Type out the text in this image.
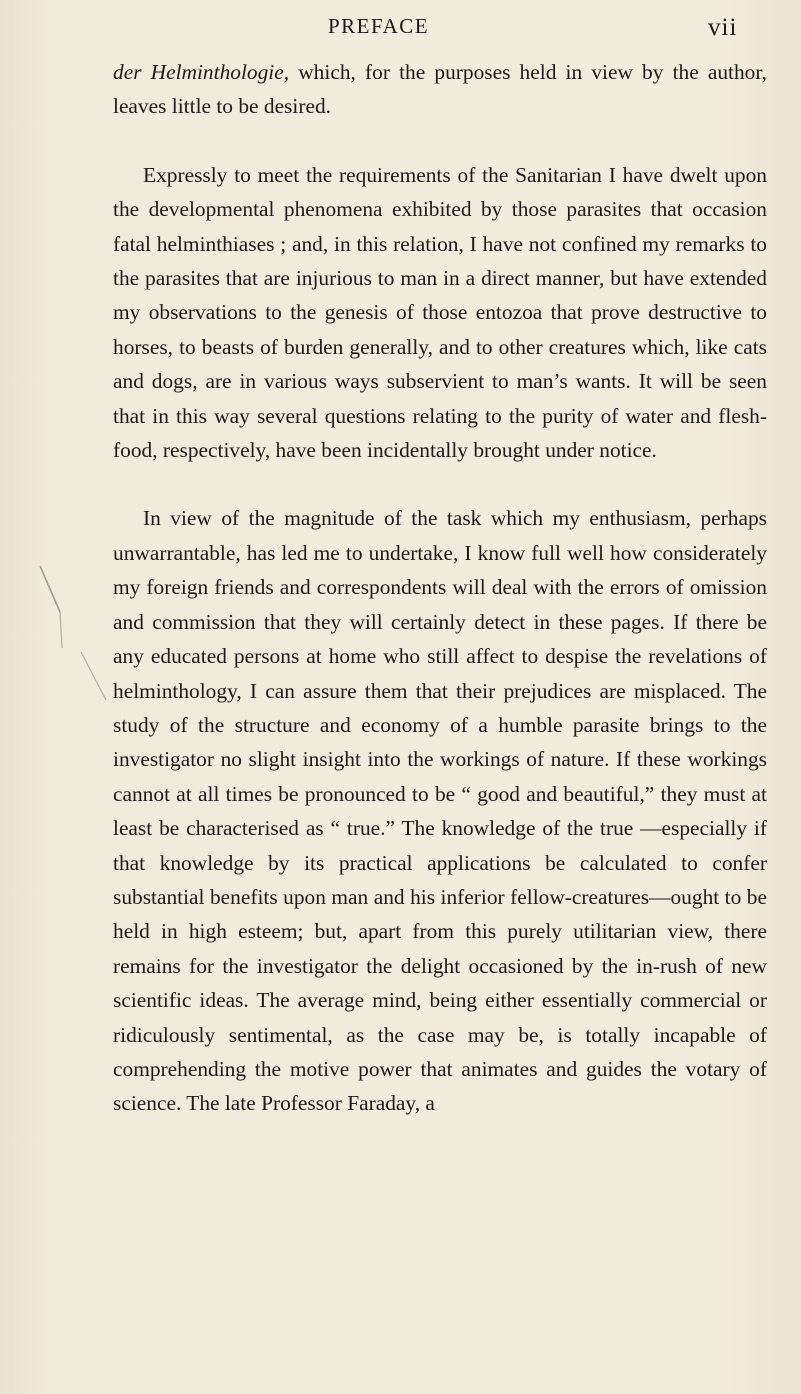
PREFACE	vii

der Helminthologie, which, for the purposes held in view by the author, leaves little to be desired.

Expressly to meet the requirements of the Sanitarian I have dwelt upon the developmental phenomena exhibited by those parasites that occasion fatal helminthiases ; and, in this relation, I have not confined my remarks to the parasites that are injurious to man in a direct manner, but have extended my observations to the genesis of those entozoa that prove destructive to horses, to beasts of burden generally, and to other creatures which, like cats and dogs, are in various ways subservient to man’s wants. It will be seen that in this way several questions relating to the purity of water and flesh-food, respectively, have been incidentally brought under notice.

In view of the magnitude of the task which my enthusiasm, perhaps unwarrantable, has led me to undertake, I know full well how considerately my foreign friends and correspondents will deal with the errors of omission and commission that they will certainly detect in these pages. If there be any educated persons at home who still affect to despise the revelations of helminthology, I can assure them that their prejudices are misplaced. The study of the structure and economy of a humble parasite brings to the investigator no slight insight into the workings of nature. If these workings cannot at all times be pronounced to be “ good and beautiful,” they must at least be characterised as “ true.” The knowledge of the true —especially if that knowledge by its practical applications be calculated to confer substantial benefits upon man and his inferior fellow-creatures—ought to be held in high esteem; but, apart from this purely utilitarian view, there remains for the investigator the delight occasioned by the in-rush of new scientific ideas. The average mind, being either essentially commercial or ridiculously sentimental, as the case may be, is totally incapable of comprehending the motive power that animates and guides the votary of science. The late Professor Faraday, a
